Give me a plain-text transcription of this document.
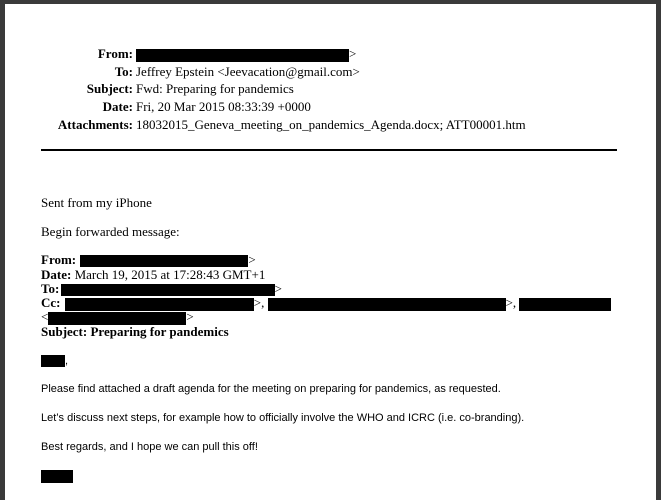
From:	>
To: Jeffrey Epstein <Jeevacation@gmail.com>
Subject: Fwd: Preparing for pandemics
Date: Fri, 20 Mar 2015 08:33:39 +0000
Attachments: 18032015_Geneva_meeting_on_pandemics_Agenda.docx; ATT00001.htm
Sent from my iPhone
Begin forwarded message:
From:	>
Date: March 19, 2015 at 17:28:43 GMT+1
To:	>
Cc:	>,	>,
<	>
Subject: Preparing for pandemics
,
Please find attached a draft agenda for the meeting on preparing for pandemics, as requested.
Let’s discuss next steps, for example how to officially involve the WHO and ICRC (i.e. co-branding).
Best regards, and I hope we can pull this off!
